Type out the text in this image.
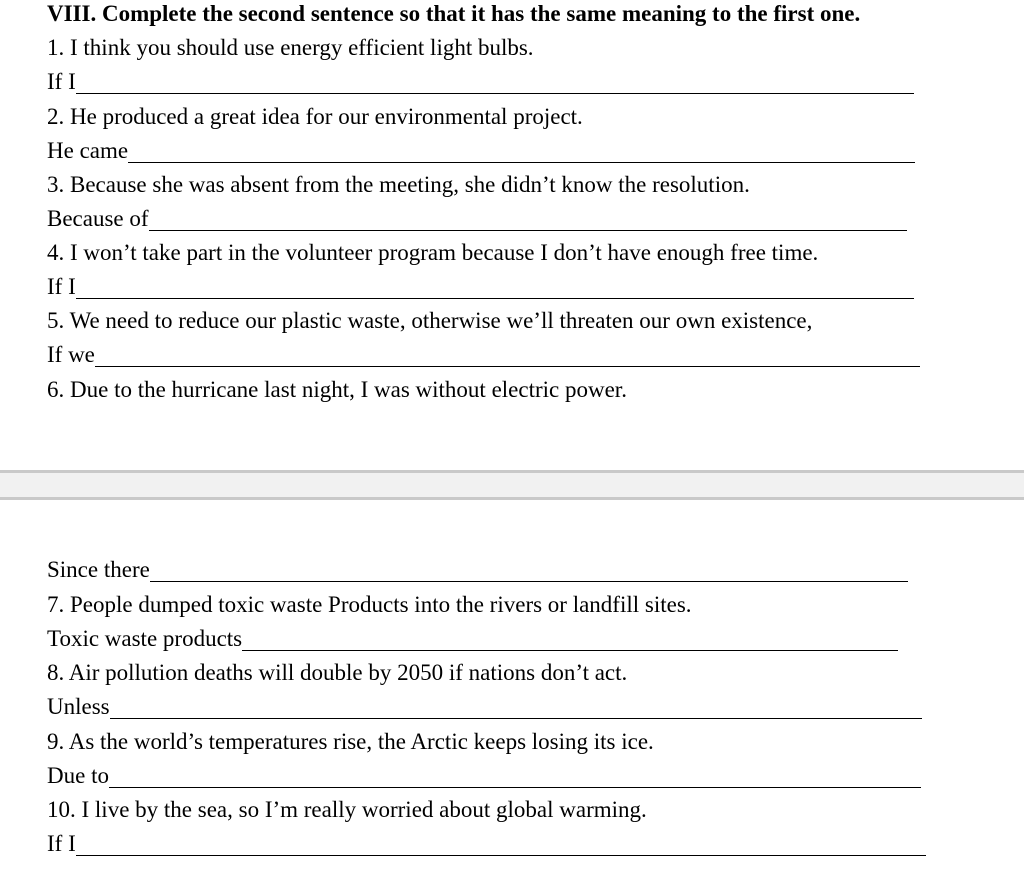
VIII. Complete the second sentence so that it has the same meaning to the first one.
1. I think you should use energy efficient light bulbs.
If I
2. He produced a great idea for our environmental project.
He came
3. Because she was absent from the meeting, she didn’t know the resolution.
Because of
4. I won’t take part in the volunteer program because I don’t have enough free time.
If I
5. We need to reduce our plastic waste, otherwise we’ll threaten our own existence,
If we
6. Due to the hurricane last night, I was without electric power.
Since there
7. People dumped toxic waste Products into the rivers or landfill sites.
Toxic waste products
8. Air pollution deaths will double by 2050 if nations don’t act.
Unless
9. As the world’s temperatures rise, the Arctic keeps losing its ice.
Due to
10. I live by the sea, so I’m really worried about global warming.
If I
